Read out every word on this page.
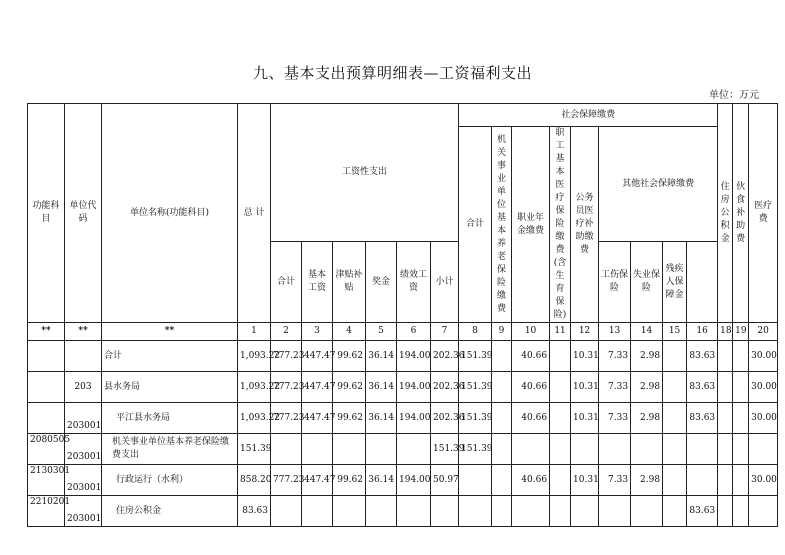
九、基本支出预算明细表—工资福利支出
单位：万元
功能科目	单位代码	单位名称(功能科目)	总 计	工资性支出						社会保障缴费									住房公积金	伙食补助费	医疗费	
										合计	机关事业单位基本养老保险缴费	职业年金缴费	职工基本医疗保险缴费(含生育保险)	公务员医疗补助缴费	其他社会保障缴费							
				合计	基本工资	津贴补贴	奖金	绩效工资	小计						工伤保险	失业保险	残疾人保障金					
**	**	**	1	2	3	4	5	6	7	8	9	10	11	12	13	14	15	16	18	19	20	
		合计	1,093.22	777.23	447.47	99.62	36.14	194.00	202.36	151.39		40.66		10.31	7.33	2.98		83.63			30.00	
	203	县水务局	1,093.22	777.23	447.47	99.62	36.14	194.00	202.36	151.39		40.66		10.31	7.33	2.98		83.63			30.00	
	203001	平江县水务局	1,093.22	777.23	447.47	99.62	36.14	194.00	202.36	151.39		40.66		10.31	7.33	2.98		83.63			30.00	
2080505	203001	机关事业单位基本养老保险缴费支出	151.39						151.39	151.39												
2130301	203001	行政运行（水利）	858.20	777.23	447.47	99.62	36.14	194.00	50.97			40.66		10.31	7.33	2.98					30.00	
2210201	203001	住房公积金	83.63															83.63				
